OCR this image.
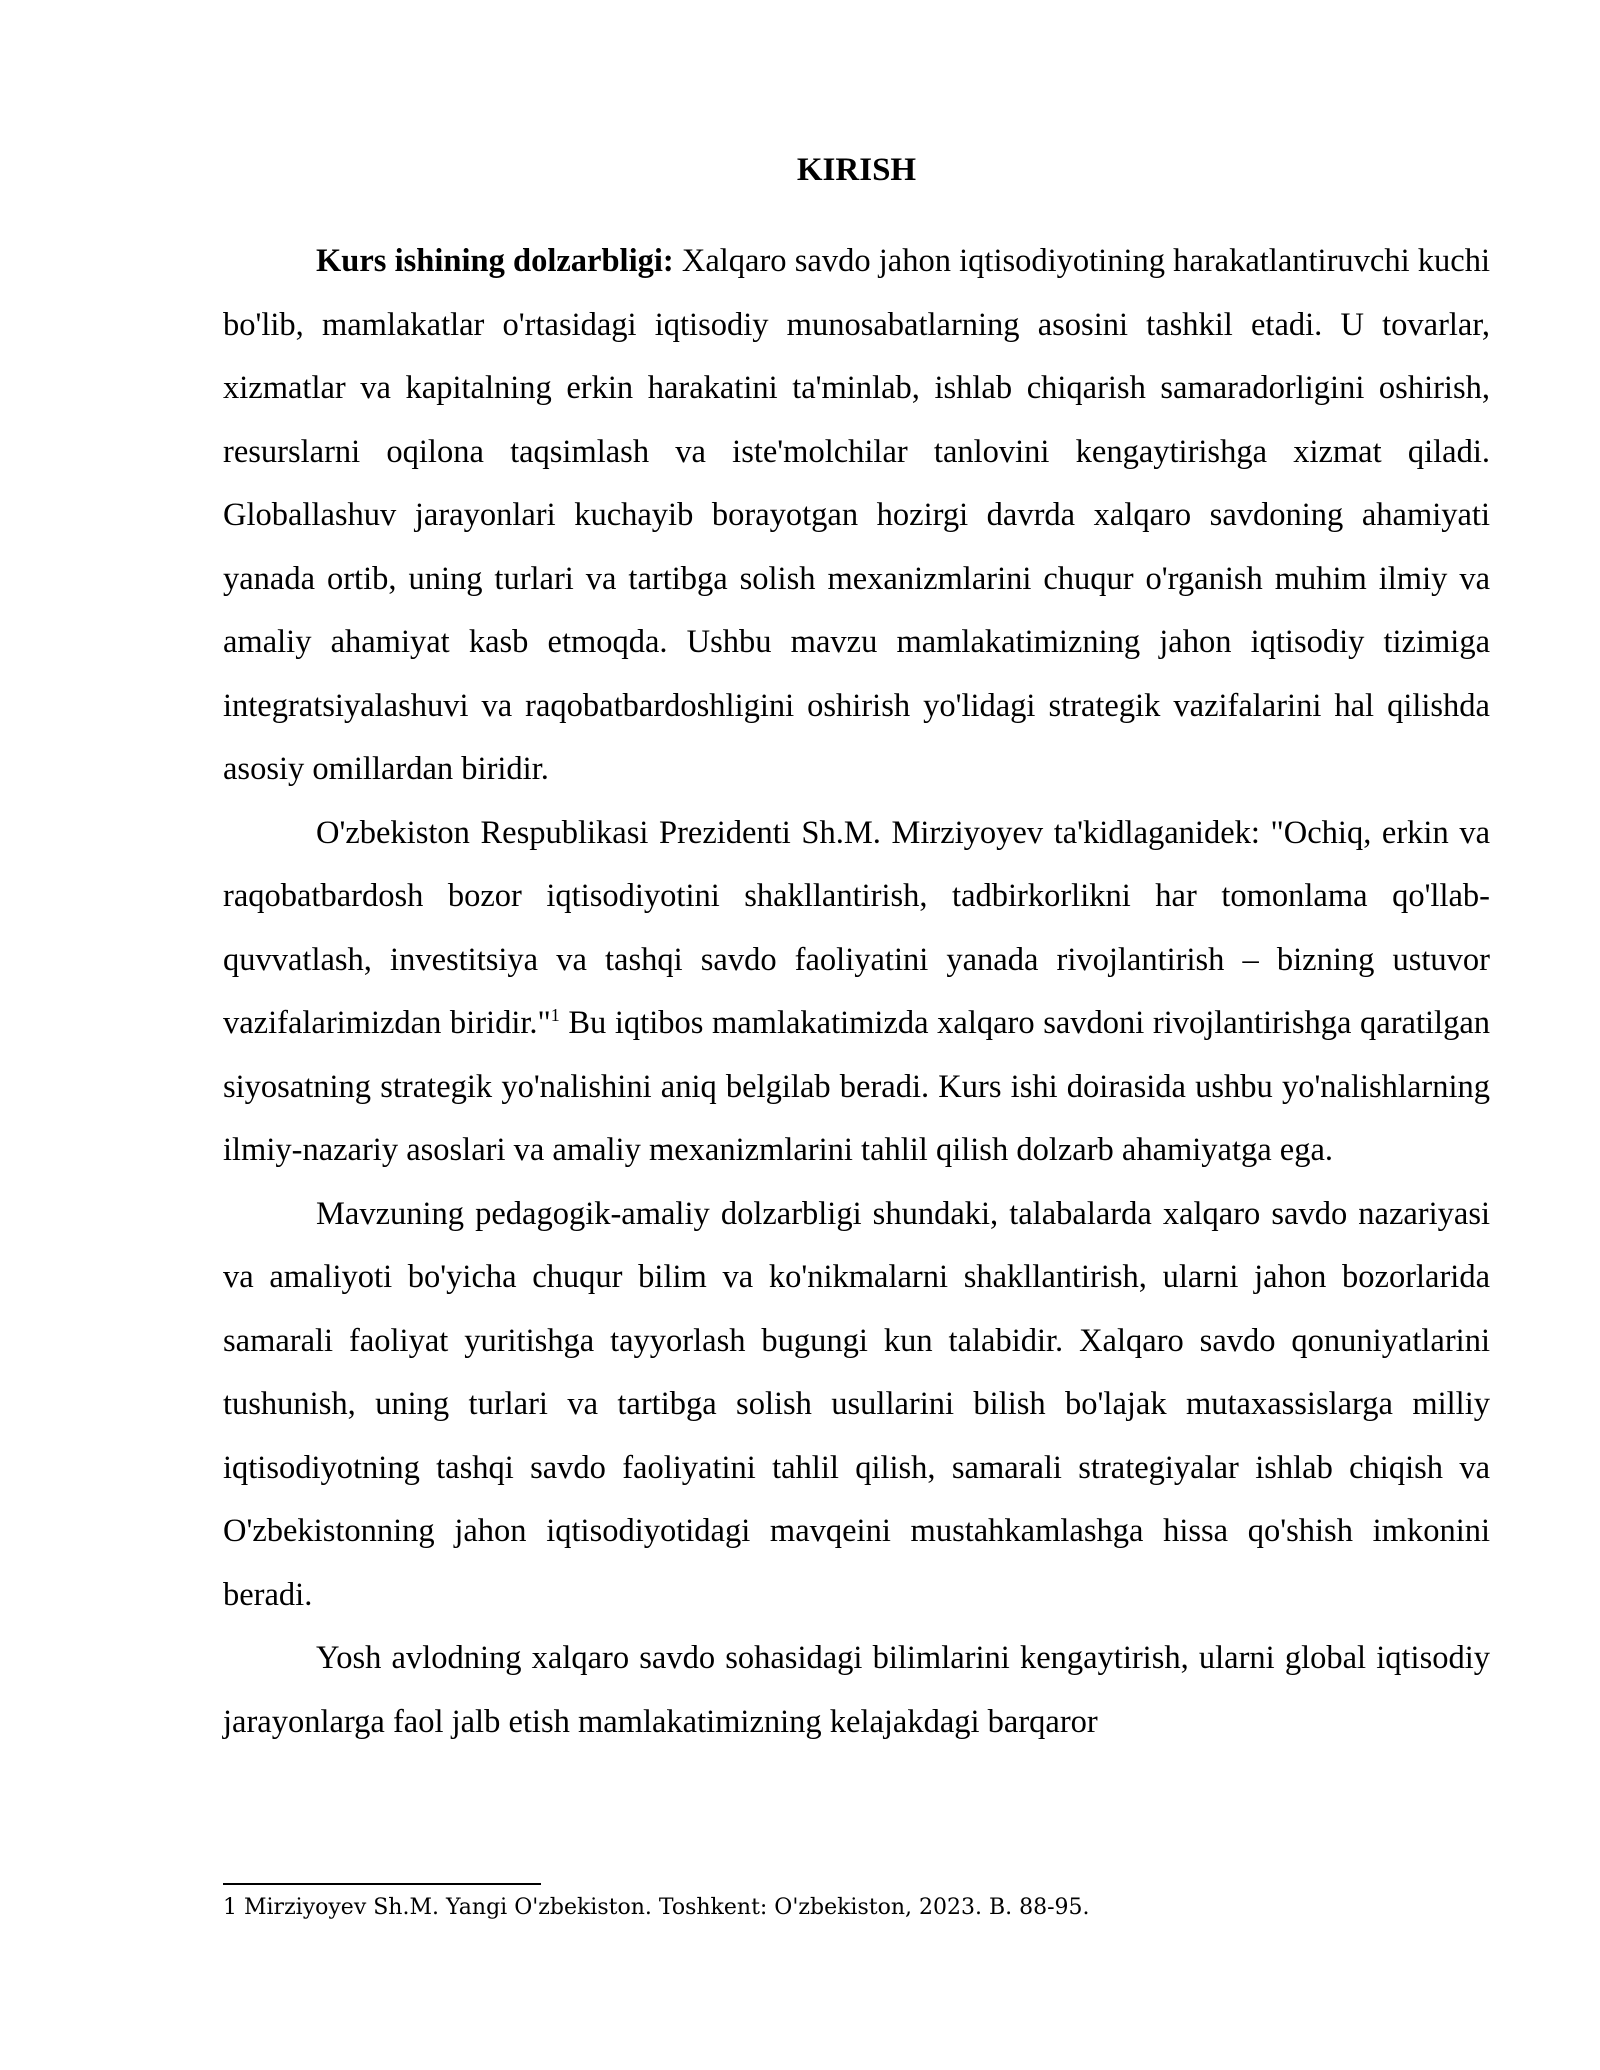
KIRISH

Kurs ishining dolzarbligi: Xalqaro savdo jahon iqtisodiyotining harakatlantiruvchi kuchi bo'lib, mamlakatlar o'rtasidagi iqtisodiy munosabatlarning asosini tashkil etadi. U tovarlar, xizmatlar va kapitalning erkin harakatini ta'minlab, ishlab chiqarish samaradorligini oshirish, resurslarni oqilona taqsimlash va iste'molchilar tanlovini kengaytirishga xizmat qiladi. Globallashuv jarayonlari kuchayib borayotgan hozirgi davrda xalqaro savdoning ahamiyati yanada ortib, uning turlari va tartibga solish mexanizmlarini chuqur o'rganish muhim ilmiy va amaliy ahamiyat kasb etmoqda. Ushbu mavzu mamlakatimizning jahon iqtisodiy tizimiga integratsiyalashuvi va raqobatbardoshligini oshirish yo'lidagi strategik vazifalarini hal qilishda asosiy omillardan biridir.

O'zbekiston Respublikasi Prezidenti Sh.M. Mirziyoyev ta'kidlaganidek: "Ochiq, erkin va raqobatbardosh bozor iqtisodiyotini shakllantirish, tadbirkorlikni har tomonlama qo'llab-quvvatlash, investitsiya va tashqi savdo faoliyatini yanada rivojlantirish – bizning ustuvor vazifalarimizdan biridir."$^1$ Bu iqtibos mamlakatimizda xalqaro savdoni rivojlantirishga qaratilgan siyosatning strategik yo'nalishini aniq belgilab beradi. Kurs ishi doirasida ushbu yo'nalishlarning ilmiy-nazariy asoslari va amaliy mexanizmlarini tahlil qilish dolzarb ahamiyatga ega.

Mavzuning pedagogik-amaliy dolzarbligi shundaki, talabalarda xalqaro savdo nazariyasi va amaliyoti bo'yicha chuqur bilim va ko'nikmalarni shakllantirish, ularni jahon bozorlarida samarali faoliyat yuritishga tayyorlash bugungi kun talabidir. Xalqaro savdo qonuniyatlarini tushunish, uning turlari va tartibga solish usullarini bilish bo'lajak mutaxassislarga milliy iqtisodiyotning tashqi savdo faoliyatini tahlil qilish, samarali strategiyalar ishlab chiqish va O'zbekistonning jahon iqtisodiyotidagi mavqeini mustahkamlashga hissa qo'shish imkonini beradi.

Yosh avlodning xalqaro savdo sohasidagi bilimlarini kengaytirish, ularni global iqtisodiy jarayonlarga faol jalb etish mamlakatimizning kelajakdagi barqaror

1 Mirziyoyev Sh.M. Yangi O'zbekiston. Toshkent: O'zbekiston, 2023. B. 88-95.
